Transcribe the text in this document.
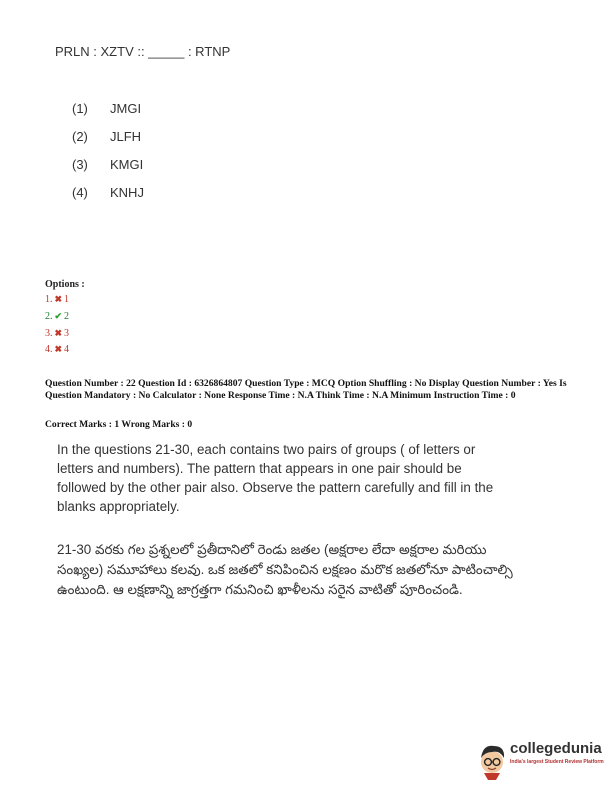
PRLN : XZTV :: _____ : RTNP
(1) JMGI
(2) JLFH
(3) KMGI
(4) KNHJ
Options :
1. ✖ 1
2. ✔ 2
3. ✖ 3
4. ✖ 4
Question Number : 22 Question Id : 6326864807 Question Type : MCQ Option Shuffling : No Display Question Number : Yes Is Question Mandatory : No Calculator : None Response Time : N.A Think Time : N.A Minimum Instruction Time : 0
Correct Marks : 1 Wrong Marks : 0
In the questions 21-30, each contains two pairs of groups ( of letters or letters and numbers). The pattern that appears in one pair should be followed by the other pair also. Observe the pattern carefully and fill in the blanks appropriately.
21-30 వరకు గల ప్రశ్నలలో ప్రతీదానిలో రెండు జతల (అక్షరాల లేదా అక్షరాల మరియు సంఖ్యల) సమూహాలు కలవు. ఒక జతలో కనిపించిన లక్షణం మరొక జతలోనూ పాటించాల్సి ఉంటుంది. ఆ లక్షణాన్ని జాగ్రత్తగా గమనించి ఖాళీలను సరైన వాటితో పూరించండి.
collegedunia
India's largest Student Review Platform
